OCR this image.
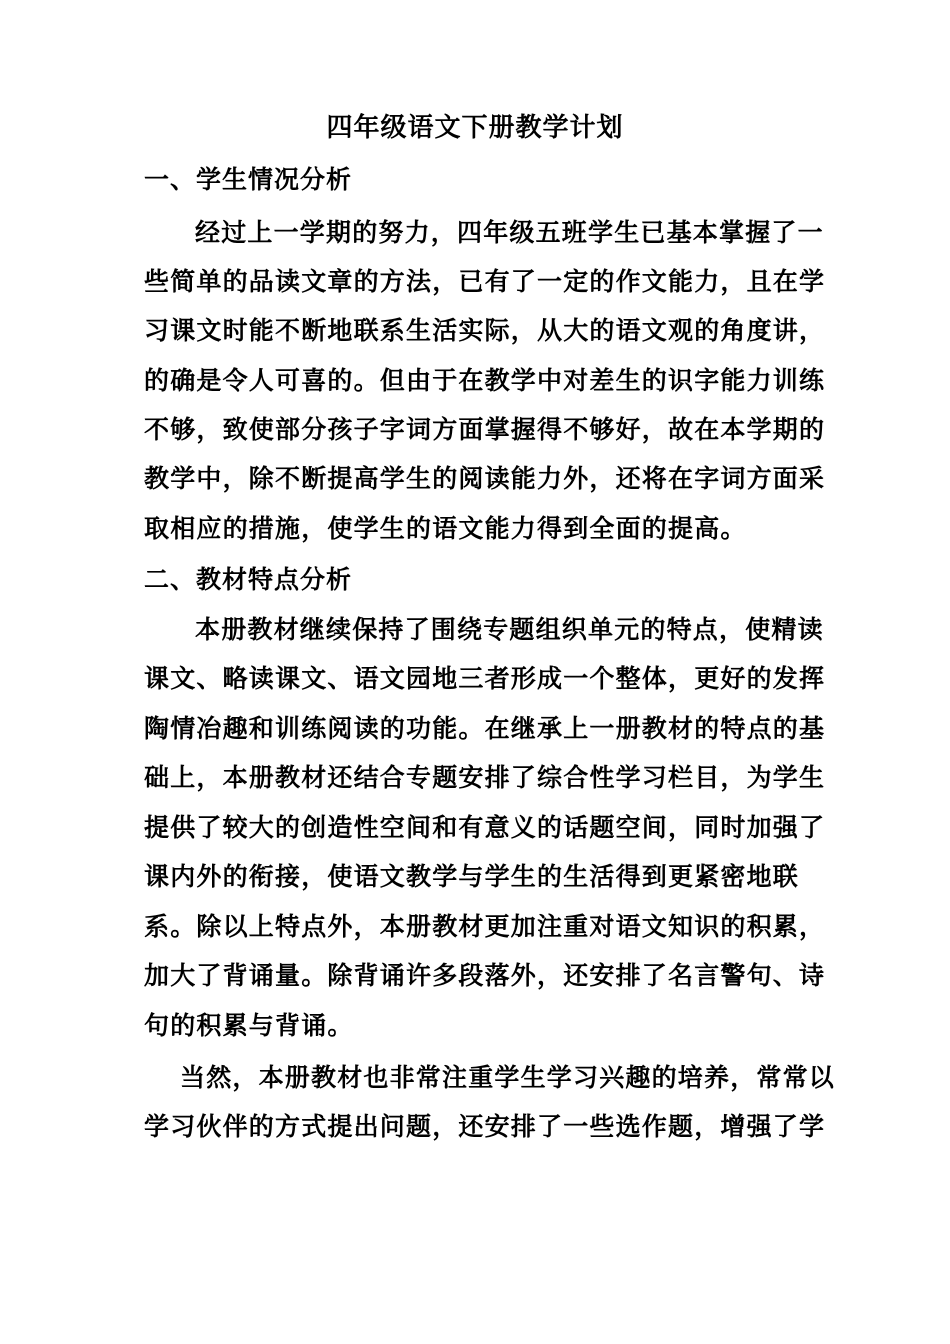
四年级语文下册教学计划
一、学生情况分析
经过上一学期的努力，四年级五班学生已基本掌握了一
些简单的品读文章的方法，已有了一定的作文能力，且在学
习课文时能不断地联系生活实际，从大的语文观的角度讲，
的确是令人可喜的。但由于在教学中对差生的识字能力训练
不够，致使部分孩子字词方面掌握得不够好，故在本学期的
教学中，除不断提高学生的阅读能力外，还将在字词方面采
取相应的措施，使学生的语文能力得到全面的提高。
二、教材特点分析
本册教材继续保持了围绕专题组织单元的特点，使精读
课文、略读课文、语文园地三者形成一个整体，更好的发挥
陶情冶趣和训练阅读的功能。在继承上一册教材的特点的基
础上，本册教材还结合专题安排了综合性学习栏目，为学生
提供了较大的创造性空间和有意义的话题空间，同时加强了
课内外的衔接，使语文教学与学生的生活得到更紧密地联
系。除以上特点外，本册教材更加注重对语文知识的积累，
加大了背诵量。除背诵许多段落外，还安排了名言警句、诗
句的积累与背诵。
当然，本册教材也非常注重学生学习兴趣的培养，常常以
学习伙伴的方式提出问题，还安排了一些选作题，增强了学
